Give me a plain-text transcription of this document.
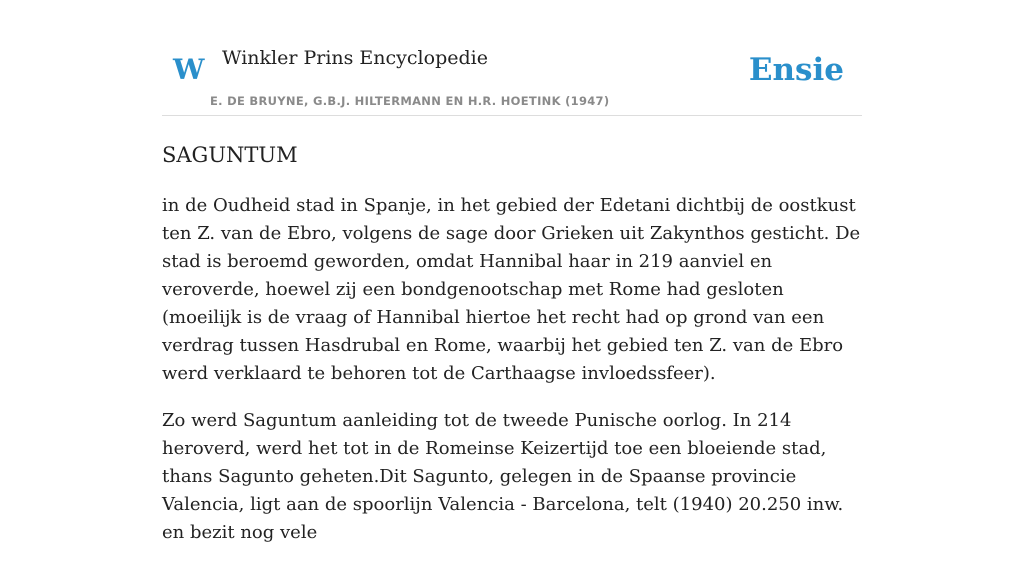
W Winkler Prins Encyclopedie
E. DE BRUYNE, G.B.J. HILTERMANN EN H.R. HOETINK (1947)
Ensie
SAGUNTUM

in de Oudheid stad in Spanje, in het gebied der Edetani dichtbij de oostkust ten Z. van de Ebro, volgens de sage door Grieken uit Zakynthos gesticht. De stad is beroemd geworden, omdat Hannibal haar in 219 aanviel en veroverde, hoewel zij een bondgenootschap met Rome had gesloten (moeilijk is de vraag of Hannibal hiertoe het recht had op grond van een verdrag tussen Hasdrubal en Rome, waarbij het gebied ten Z. van de Ebro werd verklaard te behoren tot de Carthaagse invloedssfeer).

Zo werd Saguntum aanleiding tot de tweede Punische oorlog. In 214 heroverd, werd het tot in de Romeinse Keizertijd toe een bloeiende stad, thans Sagunto geheten.Dit Sagunto, gelegen in de Spaanse provincie Valencia, ligt aan de spoorlijn Valencia - Barcelona, telt (1940) 20.250 inw. en bezit nog vele
